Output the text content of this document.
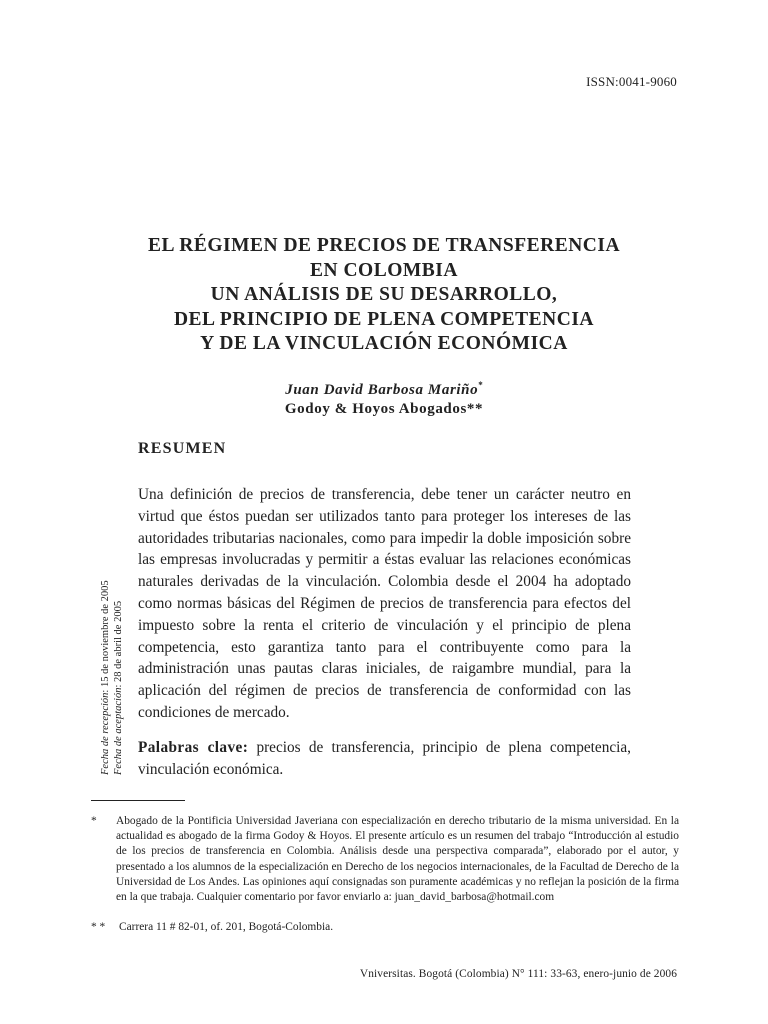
ISSN:0041-9060
EL RÉGIMEN DE PRECIOS DE TRANSFERENCIA
EN COLOMBIA
UN ANÁLISIS DE SU DESARROLLO,
DEL PRINCIPIO DE PLENA COMPETENCIA
Y DE LA VINCULACIÓN ECONÓMICA
Juan David Barbosa Mariño*
Godoy & Hoyos Abogados**
RESUMEN

Una definición de precios de transferencia, debe tener un carácter neutro en virtud que éstos puedan ser utilizados tanto para proteger los intereses de las autoridades tributarias nacionales, como para impedir la doble imposición sobre las empresas involucradas y permitir a éstas evaluar las relaciones económicas naturales derivadas de la vinculación. Colombia desde el 2004 ha adoptado como normas básicas del Régimen de precios de transferencia para efectos del impuesto sobre la renta el criterio de vinculación y el principio de plena competencia, esto garantiza tanto para el contribuyente como para la administración unas pautas claras iniciales, de raigambre mundial, para la aplicación del régimen de precios de transferencia de conformidad con las condiciones de mercado.

Palabras clave: precios de transferencia, principio de plena competencia, vinculación económica.

Fecha de recepción: 15 de noviembre de 2005
Fecha de aceptación: 28 de abril de 2005
* Abogado de la Pontificia Universidad Javeriana con especialización en derecho tributario de la misma universidad. En la actualidad es abogado de la firma Godoy & Hoyos. El presente artículo es un resumen del trabajo “Introducción al estudio de los precios de transferencia en Colombia. Análisis desde una perspectiva comparada”, elaborado por el autor, y presentado a los alumnos de la especialización en Derecho de los negocios internacionales, de la Facultad de Derecho de la Universidad de Los Andes. Las opiniones aquí consignadas son puramente académicas y no reflejan la posición de la firma en la que trabaja. Cualquier comentario por favor enviarlo a: juan_david_barbosa@hotmail.com
* * Carrera 11 # 82-01, of. 201, Bogotá-Colombia.
Vniversitas. Bogotá (Colombia) N° 111: 33-63, enero-junio de 2006
